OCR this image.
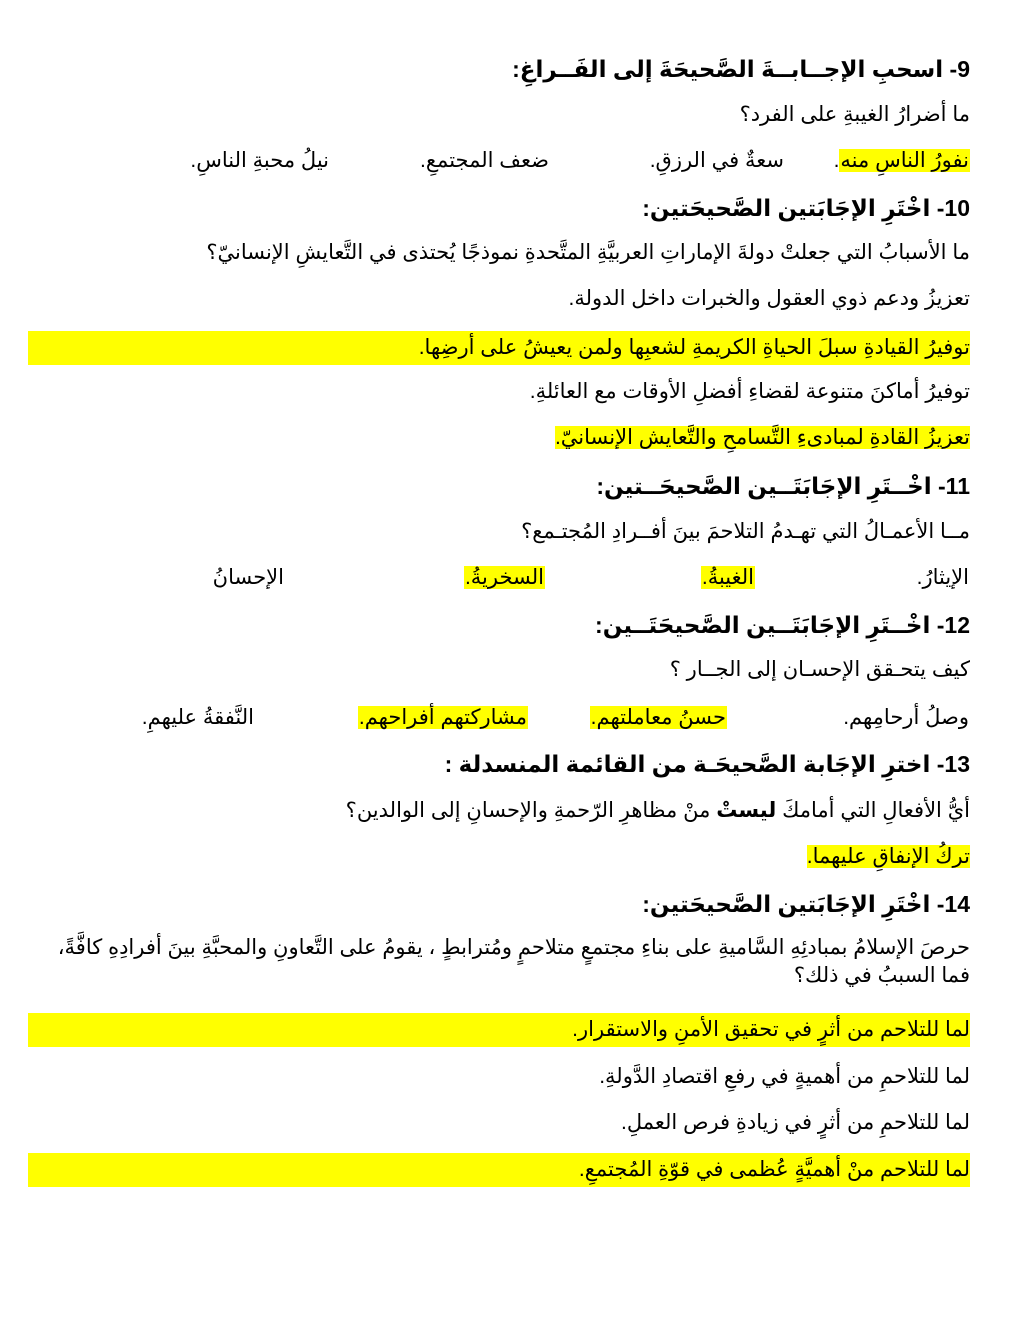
9- اسحبِ الإجــابــةَ الصَّحيحَةَ إلى الفَــراغِ:
ما أضرارُ الغيبةِ على الفرد؟
نفورُ الناسِ منه.
سعةٌ في الرزقِ.
ضعف المجتمعِ.
نيلُ محبةِ الناسِ.
10- اخْتَرِ الإجَابَتين الصَّحيحَتين:
ما الأسبابُ التي جعلتْ دولةَ الإماراتِ العربيَّةِ المتَّحدةِ نموذجًا يُحتذى في التَّعايشِ الإنسانيّ؟
تعزيزُ ودعم ذوي العقول والخبرات داخل الدولة.
توفيرُ القيادةِ سبلَ الحياةِ الكريمةِ لشعبِها ولمن يعيشُ على أرضِها.
توفيرُ أماكنَ متنوعة لقضاءِ أفضلِ الأوقات مع العائلةِ.
تعزيزُ القادةِ لمبادىءِ التَّسامحِ والتَّعايش الإنسانيّ.
11- اخْــتَرِ الإجَابَتَــين الصَّحيحَــتين:
مــا الأعمـالُ التي تهـدمُ التلاحمَ بينَ أفــرادِ المُجتـمع؟
الإيثارُ.
الغيبةُ.
السخريةُ.
الإحسانُ
12- اخْــتَرِ الإجَابَتَــين الصَّحيحَتَــين:
كيف يتحـقق الإحسـان إلى الجــار ؟
وصلُ أرحامِهم.
حسنُ معاملتهم.
مشاركتهم أفراحهم.
النَّفقةُ عليهمِ.
13- اخترِ الإجَابة الصَّحيحَـة من القائمة المنسدلة :
أيُّ الأفعالِ التي أمامكَ ليستْ منْ مظاهرِ الرّحمةِ والإحسانِ إلى الوالدين؟
تركُ الإنفاقِ عليهما.
14- اخْتَرِ الإجَابَتين الصَّحيحَتين:
حرصَ الإسلامُ بمبادئِهِ السَّاميةِ على بناءِ مجتمعٍ متلاحمٍ ومُترابطٍ ، يقومُ على التَّعاونِ والمحبَّةِ بينَ أفرادِهِ كافَّةً، فما السببُ في ذلك؟
لما للتلاحم من أثرٍ في تحقيق الأمنِ والاستقرار.
لما للتلاحمِ من أهميةٍ في رفعِ اقتصادِ الدَّولةِ.
لما للتلاحمِ من أثرٍ في زيادةِ فرص العملِ.
لما للتلاحم منْ أهميَّةٍ عُظمى في قوّةِ المُجتمعِ.
